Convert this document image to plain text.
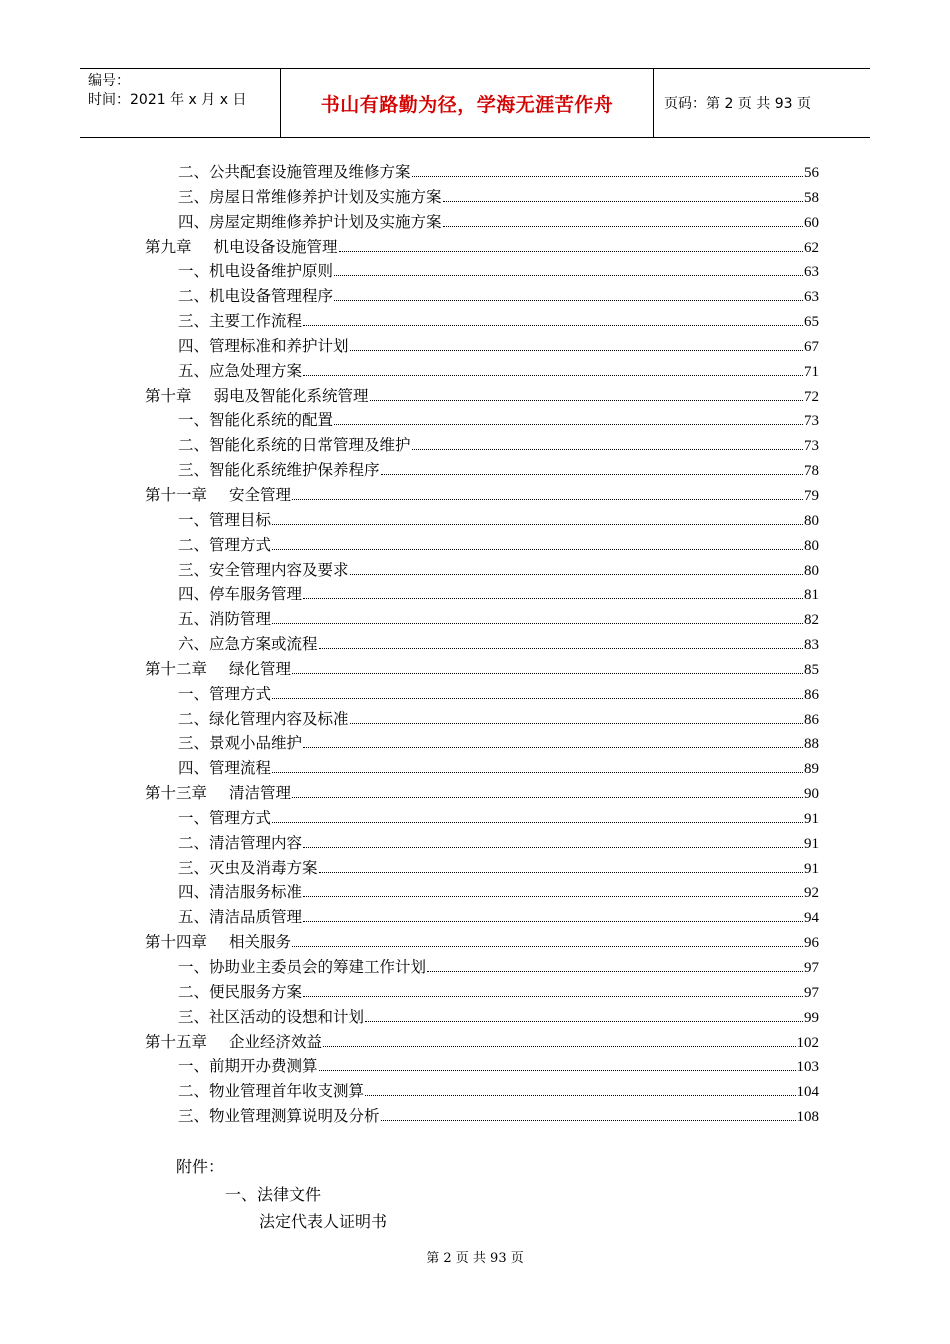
编号：
时间：2021 年 x 月 x 日	书山有路勤为径，学海无涯苦作舟	页码：第 2 页 共 93 页
二、公共配套设施管理及维修方案	56
三、房屋日常维修养护计划及实施方案	58
四、房屋定期维修养护计划及实施方案	60
第九章 机电设备设施管理	62
一、机电设备维护原则	63
二、机电设备管理程序	63
三、主要工作流程	65
四、管理标准和养护计划	67
五、应急处理方案	71
第十章 弱电及智能化系统管理	72
一、智能化系统的配置	73
二、智能化系统的日常管理及维护	73
三、智能化系统维护保养程序	78
第十一章 安全管理	79
一、管理目标	80
二、管理方式	80
三、安全管理内容及要求	80
四、停车服务管理	81
五、消防管理	82
六、应急方案或流程	83
第十二章 绿化管理	85
一、管理方式	86
二、绿化管理内容及标准	86
三、景观小品维护	88
四、管理流程	89
第十三章 清洁管理	90
一、管理方式	91
二、清洁管理内容	91
三、灭虫及消毒方案	91
四、清洁服务标准	92
五、清洁品质管理	94
第十四章 相关服务	96
一、协助业主委员会的筹建工作计划	97
二、便民服务方案	97
三、社区活动的设想和计划	99
第十五章 企业经济效益	102
一、前期开办费测算	103
二、物业管理首年收支测算	104
三、物业管理测算说明及分析	108
附件：
一、法律文件
法定代表人证明书
第 2 页 共 93 页
